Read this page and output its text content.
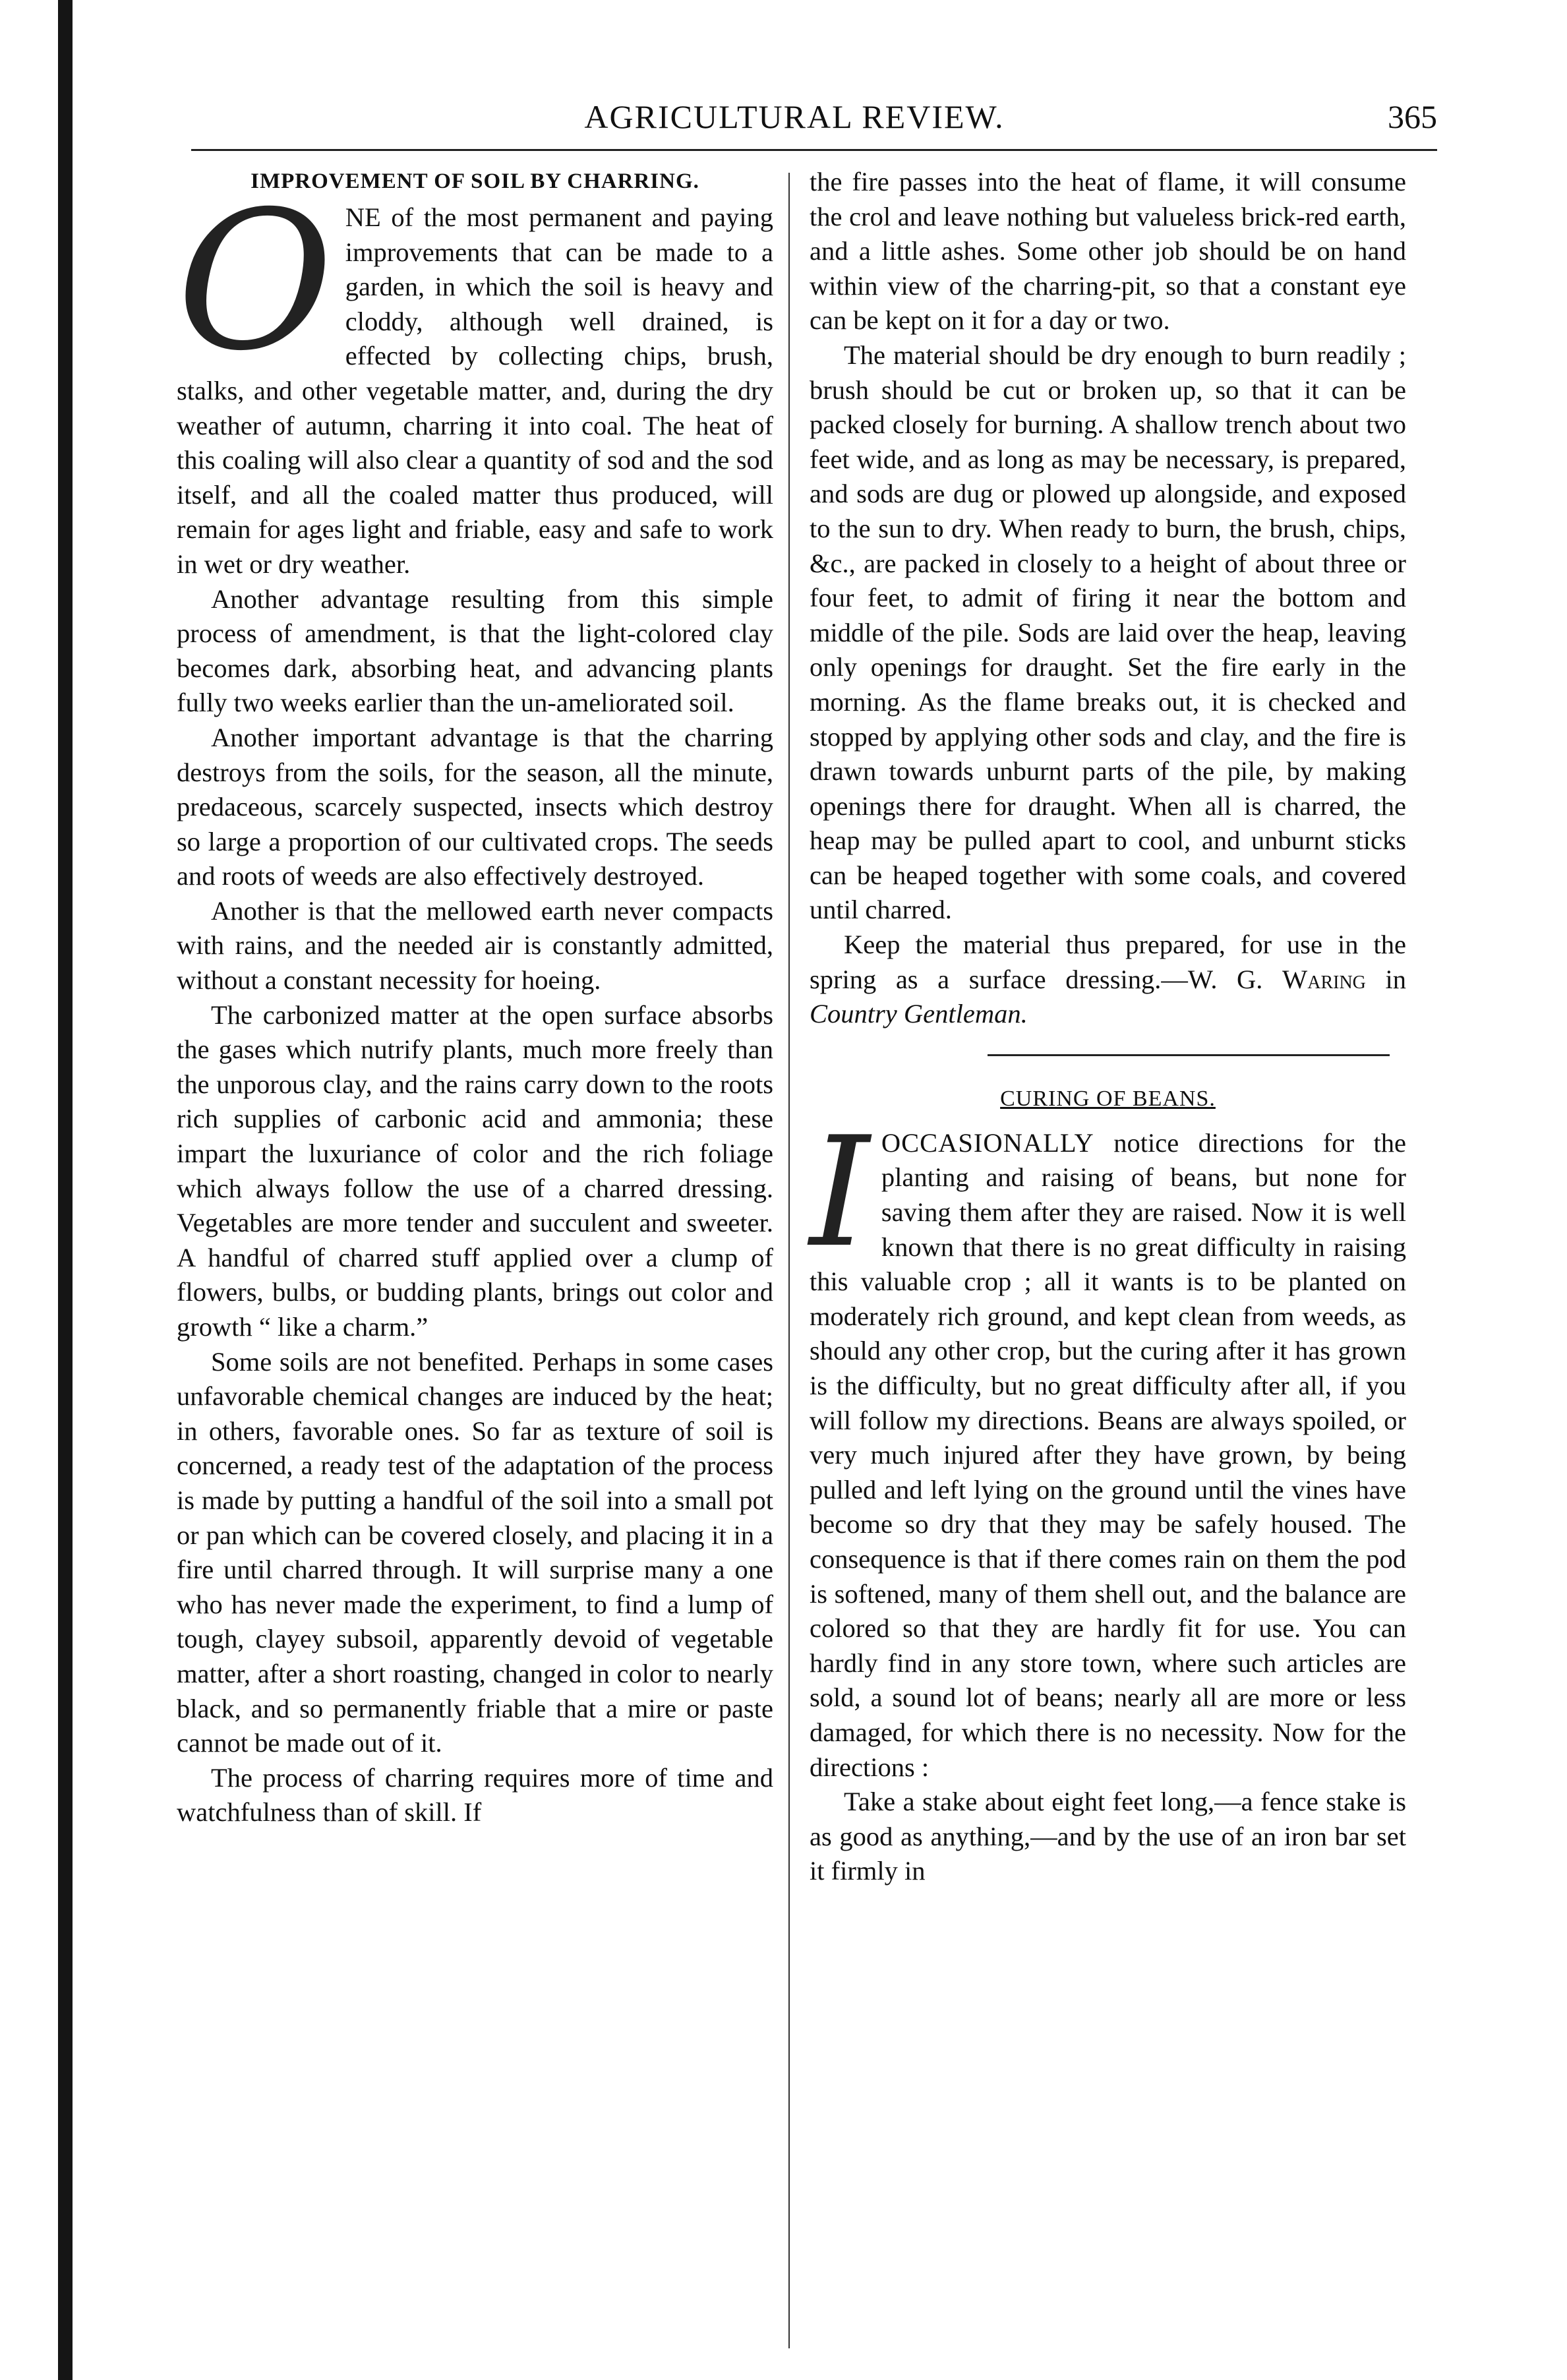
AGRICULTURAL REVIEW.	365
IMPROVEMENT OF SOIL BY CHARRING.

ONE of the most permanent and paying improvements that can be made to a garden, in which the soil is heavy and cloddy, although well drained, is effected by collecting chips, brush, stalks, and other vegetable matter, and, during the dry weather of autumn, charring it into coal. The heat of this coaling will also clear a quantity of sod and the sod itself, and all the coaled matter thus produced, will remain for ages light and friable, easy and safe to work in wet or dry weather.

Another advantage resulting from this simple process of amendment, is that the light-colored clay becomes dark, absorbing heat, and advancing plants fully two weeks earlier than the un-ameliorated soil.

Another important advantage is that the charring destroys from the soils, for the season, all the minute, predaceous, scarcely suspected, insects which destroy so large a proportion of our cultivated crops. The seeds and roots of weeds are also effectively destroyed.

Another is that the mellowed earth never compacts with rains, and the needed air is constantly admitted, without a constant necessity for hoeing.

The carbonized matter at the open surface absorbs the gases which nutrify plants, much more freely than the unporous clay, and the rains carry down to the roots rich supplies of carbonic acid and ammonia; these impart the luxuriance of color and the rich foliage which always follow the use of a charred dressing. Vegetables are more tender and succulent and sweeter. A handful of charred stuff applied over a clump of flowers, bulbs, or budding plants, brings out color and growth “ like a charm.”

Some soils are not benefited. Perhaps in some cases unfavorable chemical changes are induced by the heat; in others, favorable ones. So far as texture of soil is concerned, a ready test of the adaptation of the process is made by putting a handful of the soil into a small pot or pan which can be covered closely, and placing it in a fire until charred through. It will surprise many a one who has never made the experiment, to find a lump of tough, clayey subsoil, apparently devoid of vegetable matter, after a short roasting, changed in color to nearly black, and so permanently friable that a mire or paste cannot be made out of it.

The process of charring requires more of time and watchfulness than of skill. If

the fire passes into the heat of flame, it will consume the crol and leave nothing but valueless brick-red earth, and a little ashes. Some other job should be on hand within view of the charring-pit, so that a constant eye can be kept on it for a day or two.

The material should be dry enough to burn readily ; brush should be cut or broken up, so that it can be packed closely for burning. A shallow trench about two feet wide, and as long as may be necessary, is prepared, and sods are dug or plowed up alongside, and exposed to the sun to dry. When ready to burn, the brush, chips, &c., are packed in closely to a height of about three or four feet, to admit of firing it near the bottom and middle of the pile. Sods are laid over the heap, leaving only openings for draught. Set the fire early in the morning. As the flame breaks out, it is checked and stopped by applying other sods and clay, and the fire is drawn towards unburnt parts of the pile, by making openings there for draught. When all is charred, the heap may be pulled apart to cool, and unburnt sticks can be heaped together with some coals, and covered until charred.

Keep the material thus prepared, for use in the spring as a surface dressing.—W. G. Waring in Country Gentleman.

CURING OF BEANS.

IOCCASIONALLY notice directions for the planting and raising of beans, but none for saving them after they are raised. Now it is well known that there is no great difficulty in raising this valuable crop ; all it wants is to be planted on moderately rich ground, and kept clean from weeds, as should any other crop, but the curing after it has grown is the difficulty, but no great difficulty after all, if you will follow my directions. Beans are always spoiled, or very much injured after they have grown, by being pulled and left lying on the ground until the vines have become so dry that they may be safely housed. The consequence is that if there comes rain on them the pod is softened, many of them shell out, and the balance are colored so that they are hardly fit for use. You can hardly find in any store town, where such articles are sold, a sound lot of beans; nearly all are more or less damaged, for which there is no necessity. Now for the directions :

Take a stake about eight feet long,—a fence stake is as good as anything,—and by the use of an iron bar set it firmly in
